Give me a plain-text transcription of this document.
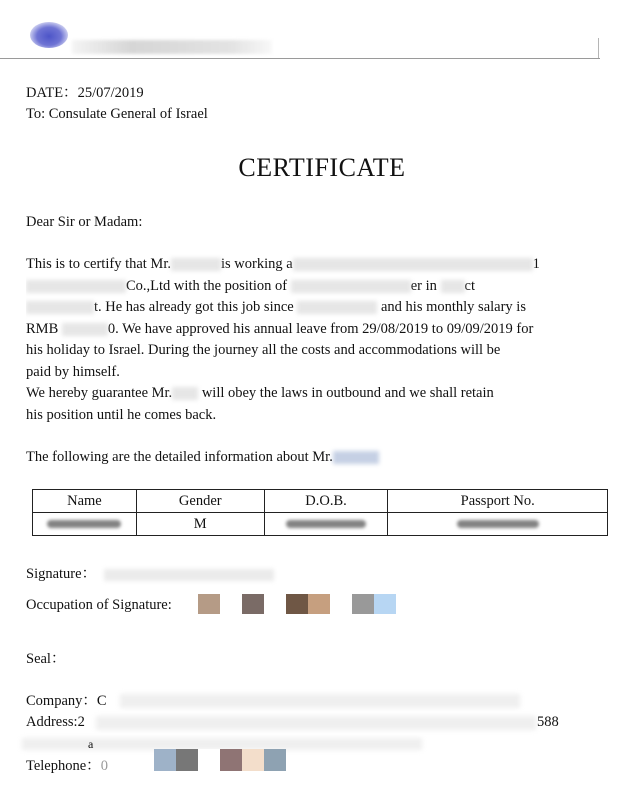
DATE：25/07/2019
To: Consulate General of Israel
CERTIFICATE
Dear Sir or Madam:
This is to certify that Mr.	is working a	1
Co.,Ltd with the position of	er in ct
t. He has already got this job since	and his monthly salary is
RMB	0. We have approved his annual leave from 29/08/2019 to 09/09/2019 for
his holiday to Israel. During the journey all the costs and accommodations will be
paid by himself.
We hereby guarantee Mr. will obey the laws in outbound and we shall retain
his position until he comes back.
The following are the detailed information about Mr.
Name	Gender	D.O.B.	Passport No.
	M		
Signature：
Occupation of Signature:
Seal：
Company：C
Address:2	588
a
Telephone：0
